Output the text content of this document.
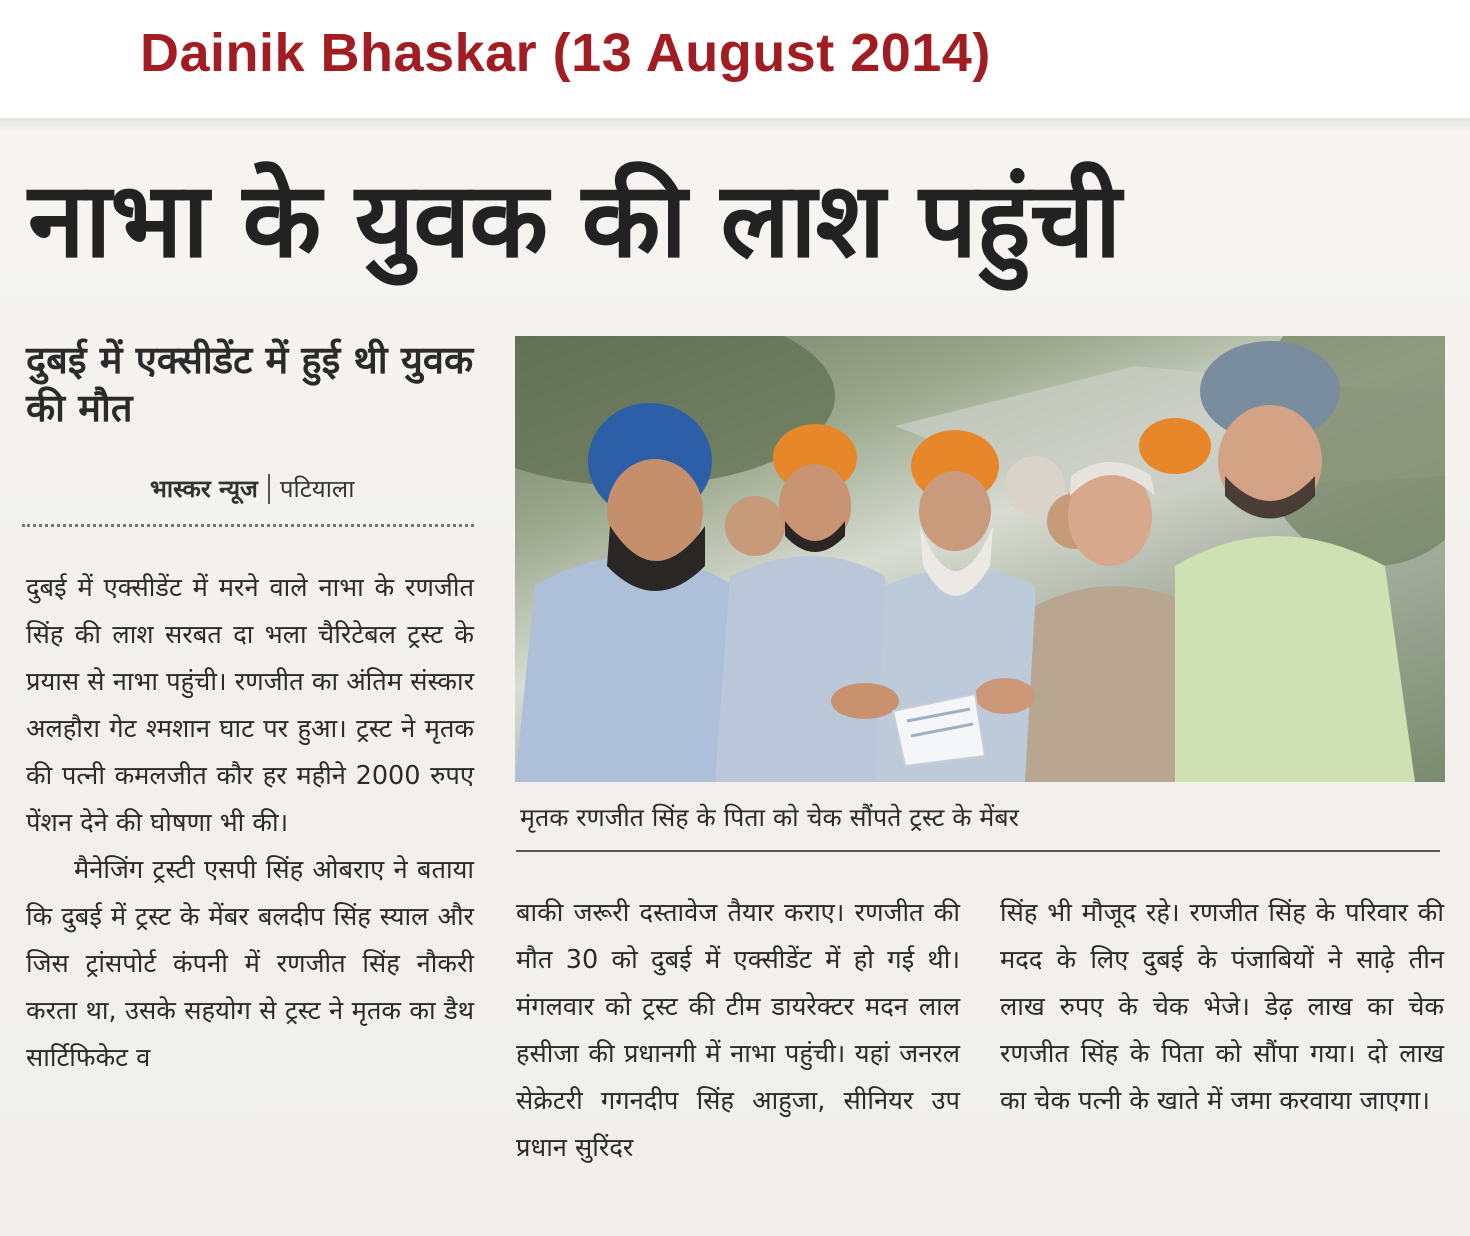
Dainik Bhaskar (13 August 2014)
नाभा के युवक की लाश पहुंची
दुबई में एक्सीडेंट में हुई थी युवक की मौत
भास्कर न्यूज पटियाला

दुबई में एक्सीडेंट में मरने वाले नाभा के रणजीत सिंह की लाश सरबत दा भला चैरिटेबल ट्रस्ट के प्रयास से नाभा पहुंची। रणजीत का अंतिम संस्कार अलहौरा गेट श्मशान घाट पर हुआ। ट्रस्ट ने मृतक की पत्नी कमलजीत कौर हर महीने 2000 रुपए पेंशन देने की घोषणा भी की।

मैनेजिंग ट्रस्टी एसपी सिंह ओबराए ने बताया कि दुबई में ट्रस्ट के मेंबर बलदीप सिंह स्याल और जिस ट्रांसपोर्ट कंपनी में रणजीत सिंह नौकरी करता था, उसके सहयोग से ट्रस्ट ने मृतक का डैथ सार्टिफिकेट व

मृतक रणजीत सिंह के पिता को चेक सौंपते ट्रस्ट के मेंबर

बाकी जरूरी दस्तावेज तैयार कराए। रणजीत की मौत 30 को दुबई में एक्सीडेंट में हो गई थी। मंगलवार को ट्रस्ट की टीम डायरेक्टर मदन लाल हसीजा की प्रधानगी में नाभा पहुंची। यहां जनरल सेक्रेटरी गगनदीप सिंह आहुजा, सीनियर उप प्रधान सुरिंदर

सिंह भी मौजूद रहे। रणजीत सिंह के परिवार की मदद के लिए दुबई के पंजाबियों ने साढ़े तीन लाख रुपए के चेक भेजे। डेढ़ लाख का चेक रणजीत सिंह के पिता को सौंपा गया। दो लाख का चेक पत्नी के खाते में जमा करवाया जाएगा।
